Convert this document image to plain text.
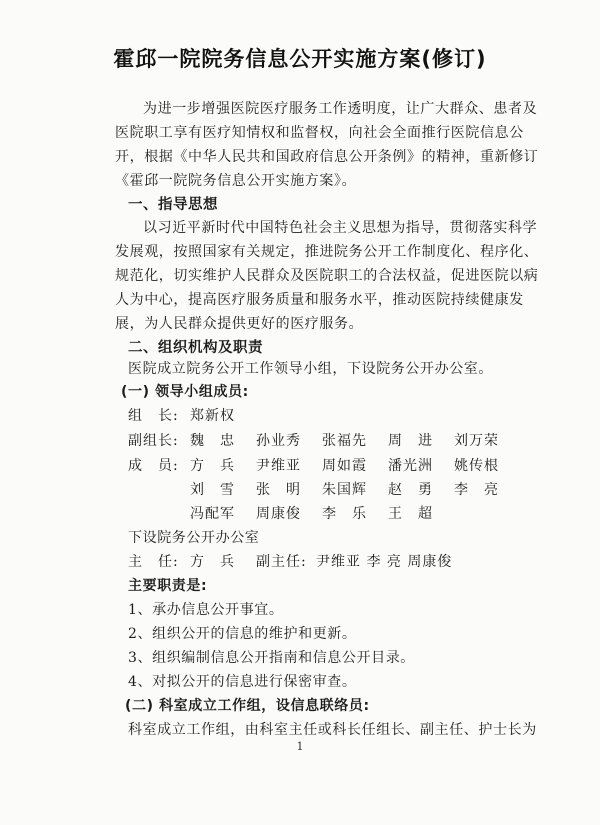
霍邱一院院务信息公开实施方案(修订)
为进一步增强医院医疗服务工作透明度，让广大群众、患者及医院职工享有医疗知情权和监督权，向社会全面推行医院信息公开，根据《中华人民共和国政府信息公开条例》的精神，重新修订《霍邱一院院务信息公开实施方案》。
一、指导思想
以习近平新时代中国特色社会主义思想为指导，贯彻落实科学发展观，按照国家有关规定，推进院务公开工作制度化、程序化、规范化，切实维护人民群众及医院职工的合法权益，促进医院以病人为中心，提高医疗服务质量和服务水平，推动医院持续健康发展，为人民群众提供更好的医疗服务。
二、组织机构及职责
医院成立院务公开工作领导小组，下设院务公开办公室。
(一) 领导小组成员:
组　长: 郑新权
副组长: 魏　忠 孙业秀 张福先 周　进 刘万荣
成　员: 方　兵 尹维亚 周如霞 潘光洲 姚传根
刘　雪 张　明 朱国辉 赵　勇 李　亮
冯配军 周康俊 李　乐 王　超
下设院务公开办公室
主　任: 方　兵 副主任: 尹维亚 李 亮 周康俊
主要职责是:
1、承办信息公开事宜。
2、组织公开的信息的维护和更新。
3、组织编制信息公开指南和信息公开目录。
4、对拟公开的信息进行保密审查。
(二) 科室成立工作组，设信息联络员:
科室成立工作组，由科室主任或科长任组长、副主任、护士长为
1
